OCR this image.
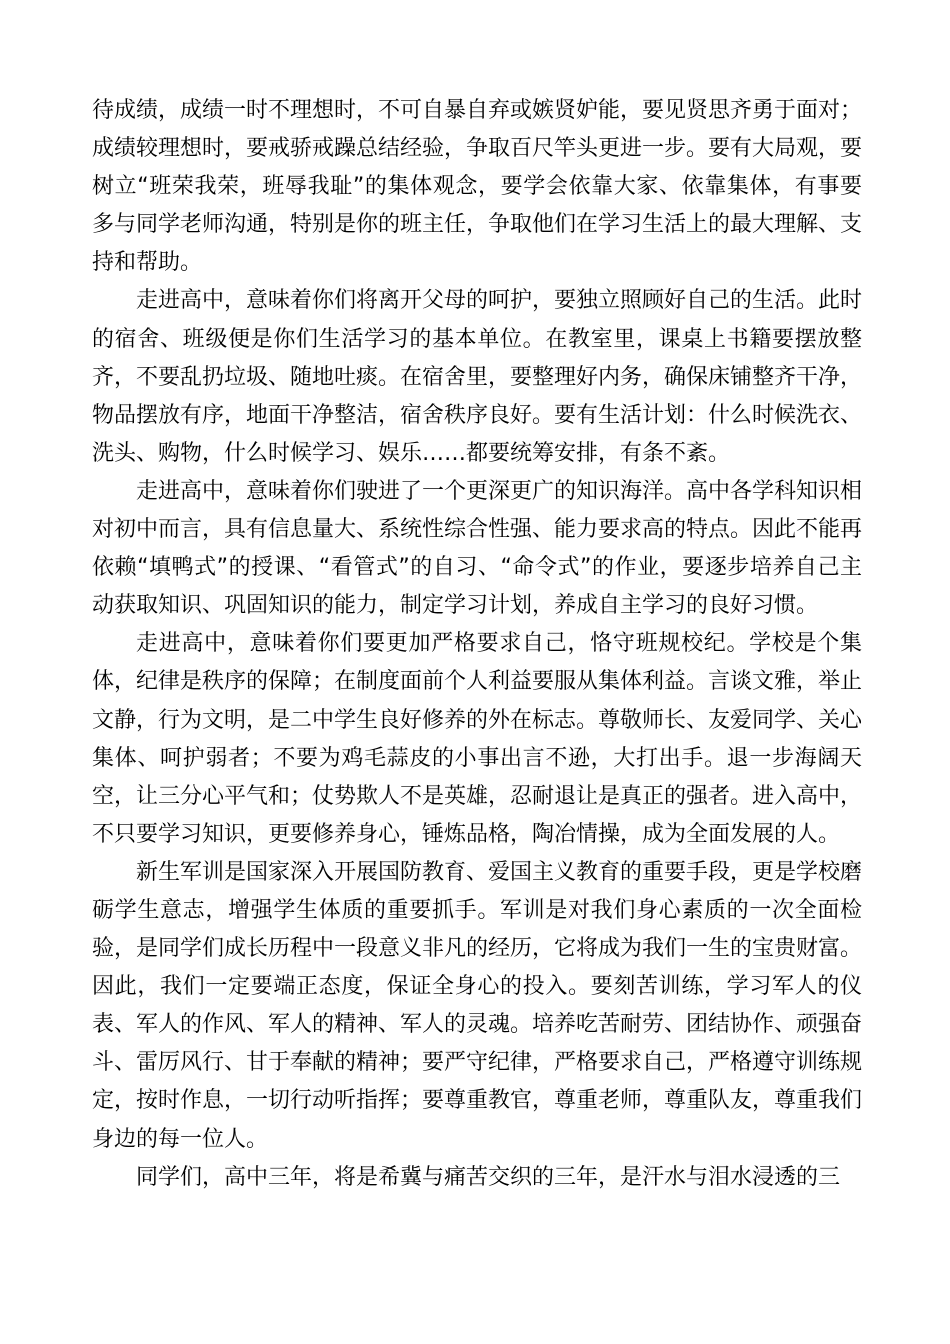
待成绩，成绩一时不理想时，不可自暴自弃或嫉贤妒能，要见贤思齐勇于面对；成绩较理想时，要戒骄戒躁总结经验，争取百尺竿头更进一步。要有大局观，要树立“班荣我荣，班辱我耻”的集体观念，要学会依靠大家、依靠集体，有事要多与同学老师沟通，特别是你的班主任，争取他们在学习生活上的最大理解、支持和帮助。

走进高中，意味着你们将离开父母的呵护，要独立照顾好自己的生活。此时的宿舍、班级便是你们生活学习的基本单位。在教室里，课桌上书籍要摆放整齐，不要乱扔垃圾、随地吐痰。在宿舍里，要整理好内务，确保床铺整齐干净，物品摆放有序，地面干净整洁，宿舍秩序良好。要有生活计划：什么时候洗衣、洗头、购物，什么时候学习、娱乐……都要统筹安排，有条不紊。

走进高中，意味着你们驶进了一个更深更广的知识海洋。高中各学科知识相对初中而言，具有信息量大、系统性综合性强、能力要求高的特点。因此不能再依赖“填鸭式”的授课、“看管式”的自习、“命令式”的作业，要逐步培养自己主动获取知识、巩固知识的能力，制定学习计划，养成自主学习的良好习惯。

走进高中，意味着你们要更加严格要求自己，恪守班规校纪。学校是个集体，纪律是秩序的保障；在制度面前个人利益要服从集体利益。言谈文雅，举止文静，行为文明，是二中学生良好修养的外在标志。尊敬师长、友爱同学、关心集体、呵护弱者；不要为鸡毛蒜皮的小事出言不逊，大打出手。退一步海阔天空，让三分心平气和；仗势欺人不是英雄，忍耐退让是真正的强者。进入高中，不只要学习知识，更要修养身心，锤炼品格，陶冶情操，成为全面发展的人。

新生军训是国家深入开展国防教育、爱国主义教育的重要手段，更是学校磨砺学生意志，增强学生体质的重要抓手。军训是对我们身心素质的一次全面检验，是同学们成长历程中一段意义非凡的经历，它将成为我们一生的宝贵财富。因此，我们一定要端正态度，保证全身心的投入。要刻苦训练，学习军人的仪表、军人的作风、军人的精神、军人的灵魂。培养吃苦耐劳、团结协作、顽强奋斗、雷厉风行、甘于奉献的精神；要严守纪律，严格要求自己，严格遵守训练规定，按时作息，一切行动听指挥；要尊重教官，尊重老师，尊重队友，尊重我们身边的每一位人。

同学们，高中三年，将是希冀与痛苦交织的三年，是汗水与泪水浸透的三
